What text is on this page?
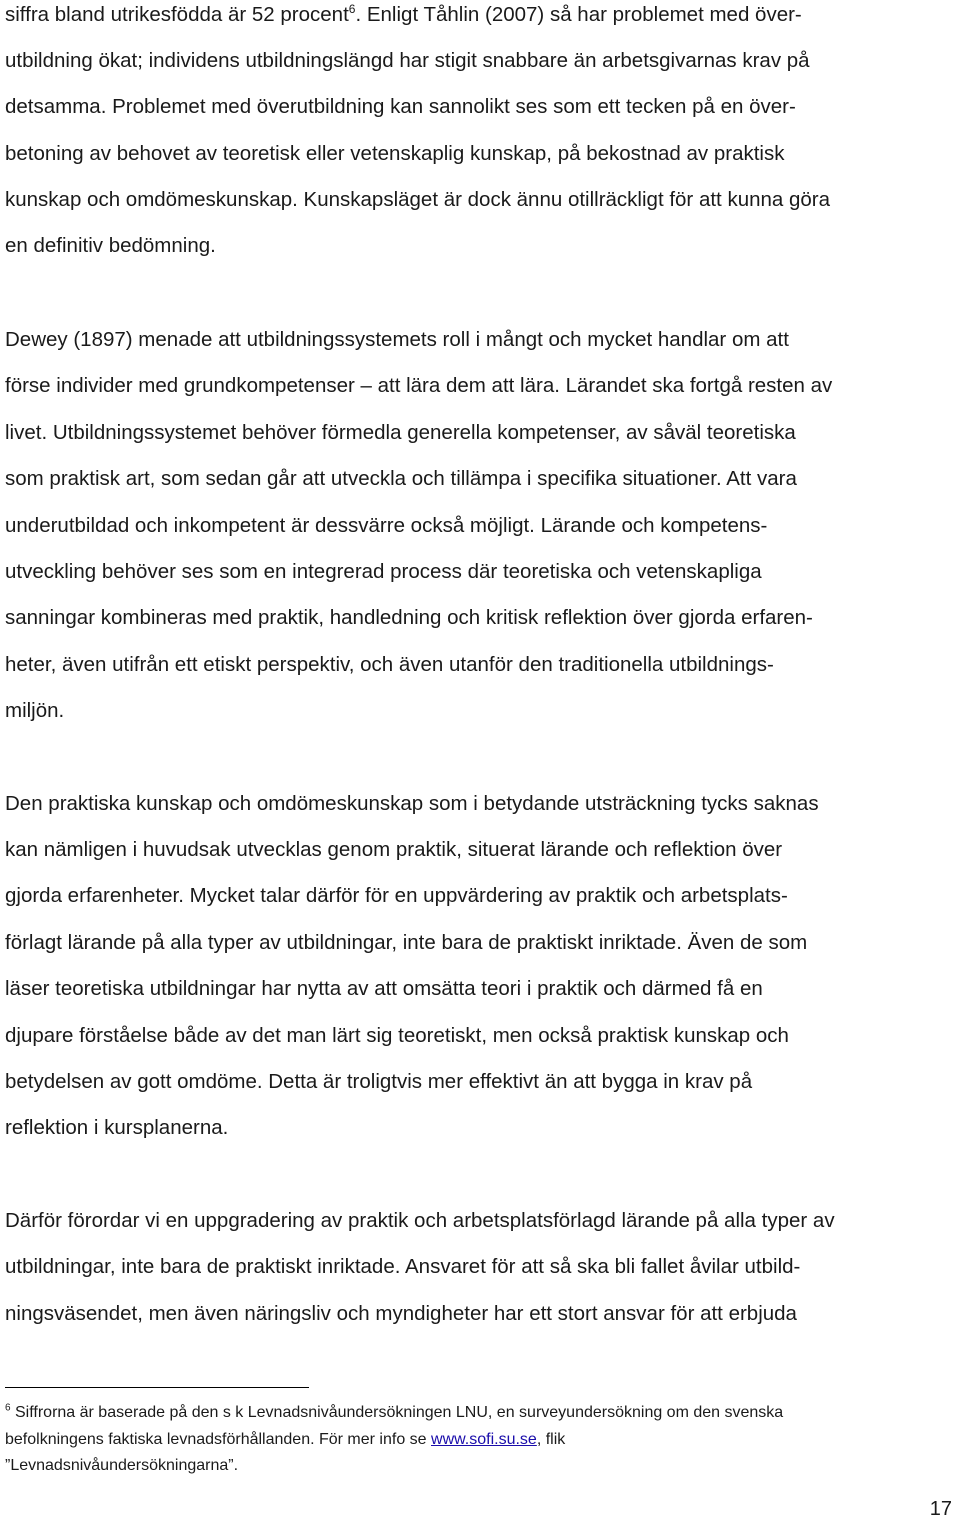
siffra bland utrikesfödda är 52 procent$^6$. Enligt Tåhlin (2007) så har problemet med över-
utbildning ökat; individens utbildningslängd har stigit snabbare än arbetsgivarnas krav på
detsamma. Problemet med överutbildning kan sannolikt ses som ett tecken på en över-
betoning av behovet av teoretisk eller vetenskaplig kunskap, på bekostnad av praktisk
kunskap och omdömeskunskap. Kunskapsläget är dock ännu otillräckligt för att kunna göra
en definitiv bedömning.
Dewey (1897) menade att utbildningssystemets roll i mångt och mycket handlar om att
förse individer med grundkompetenser – att lära dem att lära. Lärandet ska fortgå resten av
livet. Utbildningssystemet behöver förmedla generella kompetenser, av såväl teoretiska
som praktisk art, som sedan går att utveckla och tillämpa i specifika situationer. Att vara
underutbildad och inkompetent är dessvärre också möjligt. Lärande och kompetens-
utveckling behöver ses som en integrerad process där teoretiska och vetenskapliga
sanningar kombineras med praktik, handledning och kritisk reflektion över gjorda erfaren-
heter, även utifrån ett etiskt perspektiv, och även utanför den traditionella utbildnings-
miljön.
Den praktiska kunskap och omdömeskunskap som i betydande utsträckning tycks saknas
kan nämligen i huvudsak utvecklas genom praktik, situerat lärande och reflektion över
gjorda erfarenheter. Mycket talar därför för en uppvärdering av praktik och arbetsplats-
förlagt lärande på alla typer av utbildningar, inte bara de praktiskt inriktade. Även de som
läser teoretiska utbildningar har nytta av att omsätta teori i praktik och därmed få en
djupare förståelse både av det man lärt sig teoretiskt, men också praktisk kunskap och
betydelsen av gott omdöme. Detta är troligtvis mer effektivt än att bygga in krav på
reflektion i kursplanerna.
Därför förordar vi en uppgradering av praktik och arbetsplatsförlagd lärande på alla typer av
utbildningar, inte bara de praktiskt inriktade. Ansvaret för att så ska bli fallet åvilar utbild-
ningsväsendet, men även näringsliv och myndigheter har ett stort ansvar för att erbjuda
$^6$ Siffrorna är baserade på den s k Levnadsnivåundersökningen LNU, en surveyundersökning om den svenska
befolkningens faktiska levnadsförhållanden. För mer info se www.sofi.su.se, flik
”Levnadsnivåundersökningarna”.
17
